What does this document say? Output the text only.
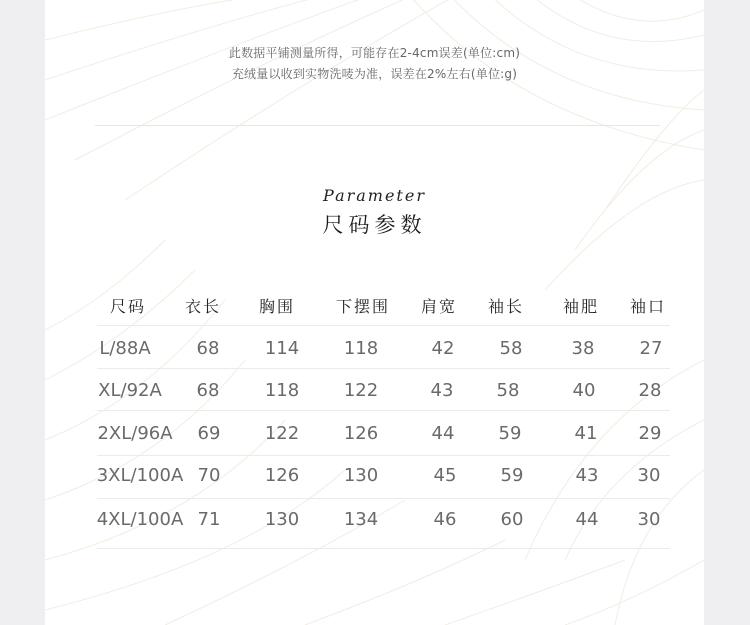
此数据平铺测量所得，可能存在2-4cm误差(单位:cm)
充绒量以收到实物洗唛为准，误差在2%左右(单位:g)
Parameter
尺码参数
尺码 衣长 胸围	下摆围 肩宽 袖长 袖肥 袖口
L/88A	68	114 118	42	58	38	27
XL/92A 68	118 122	43 58	40 28
2XL/96A 69 122 126	44 59	41 29
3XL/100A 70 126 130	45 59	43 30
4XL/100A 71 130 134	46 60	44 30
